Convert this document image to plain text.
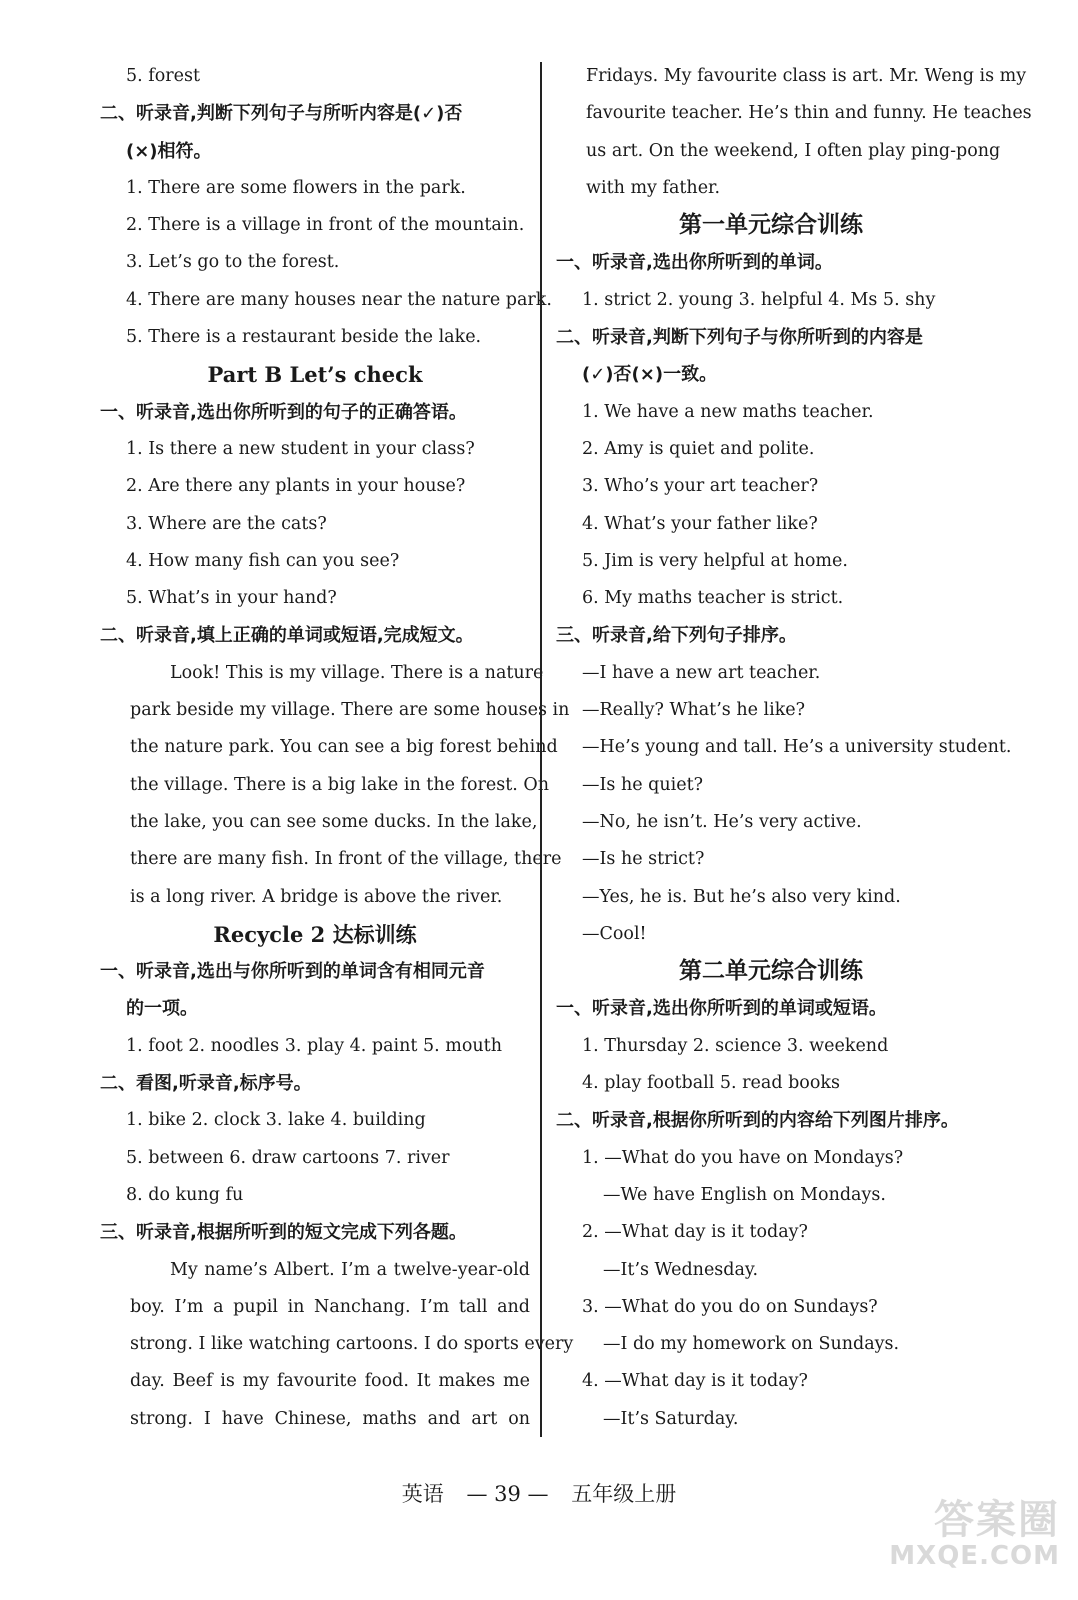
5. forest
二、听录音,判断下列句子与所听内容是(✓)否
(×)相符。
1. There are some flowers in the park.
2. There is a village in front of the mountain.
3. Let’s go to the forest.
4. There are many houses near the nature park.
5. There is a restaurant beside the lake.
Part B Let’s check
一、听录音,选出你所听到的句子的正确答语。
1. Is there a new student in your class?
2. Are there any plants in your house?
3. Where are the cats?
4. How many fish can you see?
5. What’s in your hand?
二、听录音,填上正确的单词或短语,完成短文。
Look! This is my village. There is a nature
park beside my village. There are some houses in
the nature park. You can see a big forest behind
the village. There is a big lake in the forest. On
the lake, you can see some ducks. In the lake,
there are many fish. In front of the village, there
is a long river. A bridge is above the river.
Recycle 2 达标训练
一、听录音,选出与你所听到的单词含有相同元音
的一项。
1. foot 2. noodles 3. play 4. paint 5. mouth
二、看图,听录音,标序号。
1. bike 2. clock 3. lake 4. building
5. between 6. draw cartoons 7. river
8. do kung fu
三、听录音,根据所听到的短文完成下列各题。
My name’s Albert. I’m a twelve-year-old
boy. I’m a pupil in Nanchang. I’m tall and
strong. I like watching cartoons. I do sports every
day. Beef is my favourite food. It makes me
strong. I have Chinese, maths and art on
Fridays. My favourite class is art. Mr. Weng is my
favourite teacher. He’s thin and funny. He teaches
us art. On the weekend, I often play ping-pong
with my father.
第一单元综合训练
一、听录音,选出你所听到的单词。
1. strict 2. young 3. helpful 4. Ms 5. shy
二、听录音,判断下列句子与你所听到的内容是
(✓)否(×)一致。
1. We have a new maths teacher.
2. Amy is quiet and polite.
3. Who’s your art teacher?
4. What’s your father like?
5. Jim is very helpful at home.
6. My maths teacher is strict.
三、听录音,给下列句子排序。
—I have a new art teacher.
—Really? What’s he like?
—He’s young and tall. He’s a university student.
—Is he quiet?
—No, he isn’t. He’s very active.
—Is he strict?
—Yes, he is. But he’s also very kind.
—Cool!
第二单元综合训练
一、听录音,选出你所听到的单词或短语。
1. Thursday 2. science 3. weekend
4. play football 5. read books
二、听录音,根据你所听到的内容给下列图片排序。
1. —What do you have on Mondays?
—We have English on Mondays.
2. —What day is it today?
—It’s Wednesday.
3. —What do you do on Sundays?
—I do my homework on Sundays.
4. —What day is it today?
—It’s Saturday.
英语 — 39 — 五年级上册
答案圈
MXQE.COM
